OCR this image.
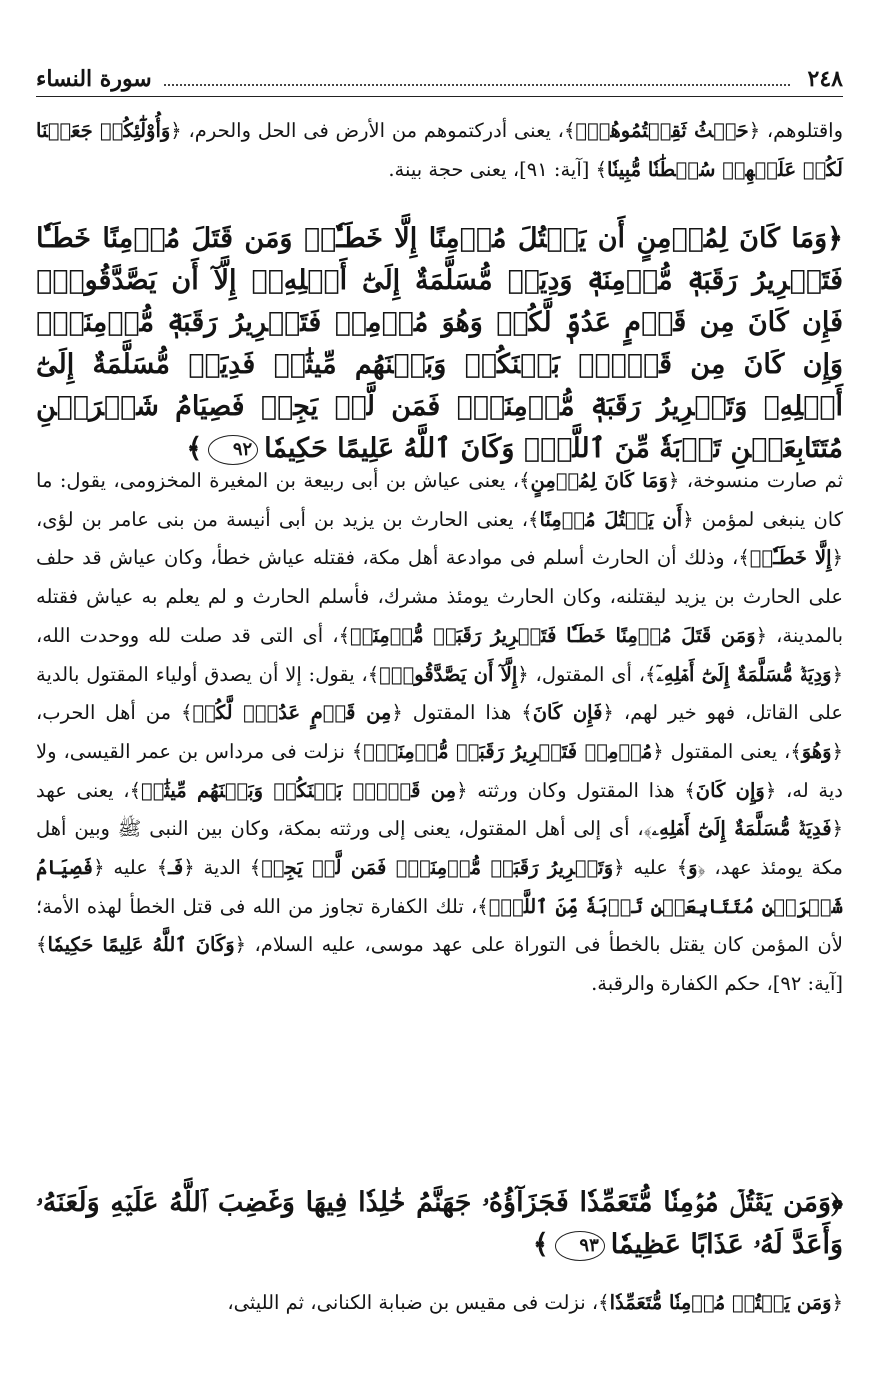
٢٤٨
سورة النساء
واقتلوهم، ﴿حَيۡثُ ثَقِفۡتُمُوهُمۡۚ﴾، يعنى أدركتموهم من الأرض فى الحل والحرم، ﴿وَأُوْلَٰٓئِكُمۡ جَعَلۡنَا لَكُمۡ عَلَيۡهِمۡ سُلۡطَٰنٗا مُّبِينٗا﴾ [آية: ٩١]، يعنى حجة بينة.
﴿وَمَا كَانَ لِمُؤۡمِنٍ أَن يَقۡتُلَ مُؤۡمِنًا إِلَّا خَطَـٔٗاۚ وَمَن قَتَلَ مُؤۡمِنًا خَطَـٔٗا فَتَحۡرِيرُ رَقَبَةٖ مُّؤۡمِنَةٖ وَدِيَةٞ مُّسَلَّمَةٌ إِلَىٰٓ أَهۡلِهِۦٓ إِلَّآ أَن يَصَّدَّقُواْۚ فَإِن كَانَ مِن قَوۡمٍ عَدُوّٖ لَّكُمۡ وَهُوَ مُؤۡمِنٞ فَتَحۡرِيرُ رَقَبَةٖ مُّؤۡمِنَةٖۖ وَإِن كَانَ مِن قَوۡمِۭ بَيۡنَكُمۡ وَبَيۡنَهُم مِّيثَٰقٞ فَدِيَةٞ مُّسَلَّمَةٌ إِلَىٰٓ أَهۡلِهِۦ وَتَحۡرِيرُ رَقَبَةٖ مُّؤۡمِنَةٖۖ فَمَن لَّمۡ يَجِدۡ فَصِيَامُ شَهۡرَيۡنِ مُتَتَابِعَيۡنِ تَوۡبَةٗ مِّنَ ٱللَّهِۗ وَكَانَ ٱللَّهُ عَلِيمًا حَكِيمٗا٩٢﴾
ثم صارت منسوخة، ﴿وَمَا كَانَ لِمُؤۡمِنٍ﴾، يعنى عياش بن أبى ربيعة بن المغيرة المخزومى، يقول: ما كان ينبغى لمؤمن ﴿أَن يَقۡتُلَ مُؤۡمِنًا﴾، يعنى الحارث بن يزيد بن أبى أنيسة من بنى عامر بن لؤى، ﴿إِلَّا خَطَـٔٗاۚ﴾، وذلك أن الحارث أسلم فى موادعة أهل مكة، فقتله عياش خطأ، وكان عياش قد حلف على الحارث بن يزيد ليقتلنه، وكان الحارث يومئذ مشرك، فأسلم الحارث و لم يعلم به عياش فقتله بالمدينة، ﴿وَمَن قَتَلَ مُؤۡمِنًا خَطَـٔٗا فَتَحۡرِيرُ رَقَبَةٖ مُّؤۡمِنَةٖ﴾، أى التى قد صلت لله ووحدت الله، ﴿وَدِيَةٞ مُّسَلَّمَةٌ إِلَىٰٓ أَهۡلِهِۦٓ﴾، أى المقتول، ﴿إِلَّآ أَن يَصَّدَّقُواْۚ﴾، يقول: إلا أن يصدق أولياء المقتول بالدية على القاتل، فهو خير لهم، ﴿فَإِن كَانَ﴾ هذا المقتول ﴿مِن قَوۡمٍ عَدُوّٖ لَّكُمۡ﴾ من أهل الحرب، ﴿وَهُوَ﴾، يعنى المقتول ﴿مُؤۡمِنٞ فَتَحۡرِيرُ رَقَبَةٖ مُّؤۡمِنَةٖۖ﴾ نزلت فى مرداس بن عمر القيسى، ولا دية له، ﴿وَإِن كَانَ﴾ هذا المقتول وكان ورثته ﴿مِن قَوۡمِۭ بَيۡنَكُمۡ وَبَيۡنَهُم مِّيثَٰقٞ﴾، يعنى عهد ﴿فَدِيَةٞ مُّسَلَّمَةٌ إِلَىٰٓ أَهۡلِهِۦ﴾، أى إلى أهل المقتول، يعنى إلى ورثته بمكة، وكان بين النبى ﷺ وبين أهل مكة يومئذ عهد، ﴿وَ﴾ عليه ﴿وَتَحۡرِيرُ رَقَبَةٖ مُّؤۡمِنَةٖۖ فَمَن لَّمۡ يَجِدۡ﴾ الدية ﴿فَـ﴾ عليه ﴿فَصِيَامُ شَهۡرَيۡنِ مُتَتَابِعَيۡنِ تَوۡبَةٗ مِّنَ ٱللَّهِۗ﴾، تلك الكفارة تجاوز من الله فى قتل الخطأ لهذه الأمة؛ لأن المؤمن كان يقتل بالخطأ فى التوراة على عهد موسى، عليه السلام، ﴿وَكَانَ ٱللَّهُ عَلِيمًا حَكِيمٗا﴾ [آية: ٩٢]، حكم الكفارة والرقبة.
﴿وَمَن يَقۡتُلۡ مُؤۡمِنٗا مُّتَعَمِّدٗا فَجَزَآؤُهُۥ جَهَنَّمُ خَٰلِدٗا فِيهَا وَغَضِبَ ٱللَّهُ عَلَيۡهِ وَلَعَنَهُۥ وَأَعَدَّ لَهُۥ عَذَابًا عَظِيمٗا٩٣﴾
﴿وَمَن يَقۡتُلۡ مُؤۡمِنٗا مُّتَعَمِّدٗا﴾، نزلت فى مقيس بن ضبابة الكنانى، ثم الليثى،
